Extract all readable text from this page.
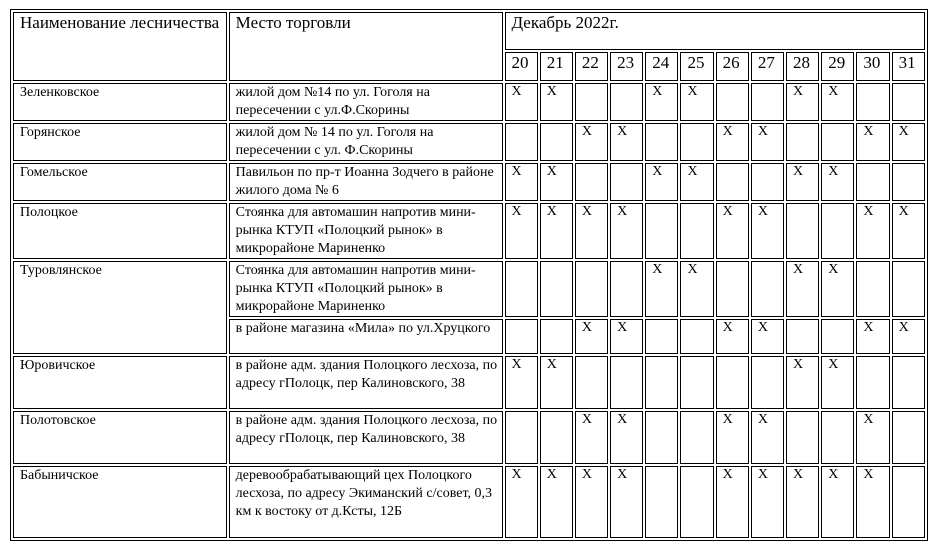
Наименование лесничества	Место торговли	Декабрь 2022г.											
		20	21	22	23	24	25	26	27	28	29	30	31
Зеленковское	жилой дом №14 по ул. Гоголя на пересечении с ул.Ф.Скорины	X	X			X	X			X	X		
Горянское	жилой дом № 14 по ул. Гоголя на пересечении с ул. Ф.Скорины			X	X			X	X			X	X
Гомельское	Павильон по пр-т Иоанна Зодчего в районе жилого дома № 6	X	X			X	X			X	X		
Полоцкое	Стоянка для автомашин напротив мини-рынка КТУП «Полоцкий рынок» в микрорайоне Мариненко	X	X	X	X			X	X			X	X
Туровлянское	Стоянка для автомашин напротив мини-рынка КТУП «Полоцкий рынок» в микрорайоне Мариненко					X	X			X	X		
	в районе магазина «Мила» по ул.Хруцкого			X	X			X	X			X	X
Юровичское	в районе адм. здания Полоцкого лесхоза, по адресу гПолоцк, пер Калиновского, 38	X	X							X	X		
Полотовское	в районе адм. здания Полоцкого лесхоза, по адресу гПолоцк, пер Калиновского, 38			X	X			X	X			X	
Бабыничское	деревообрабатывающий цех Полоцкого лесхоза, по адресу Экиманский с/совет, 0,3 км к востоку от д.Ксты, 12Б	X	X	X	X			X	X	X	X	X	
